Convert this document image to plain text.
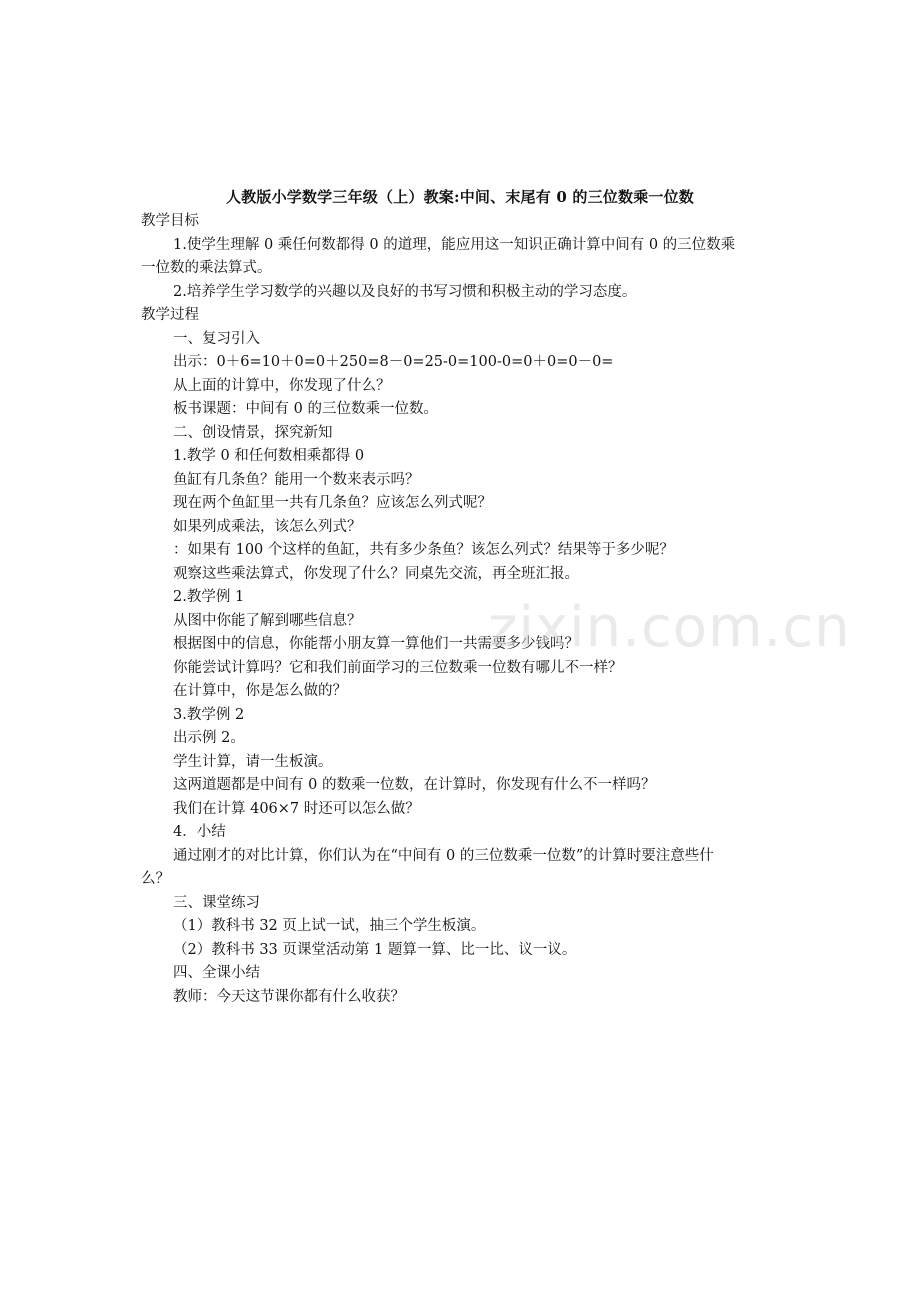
人教版小学数学三年级（上）教案:中间、末尾有 0 的三位数乘一位数
教学目标
1.使学生理解 0 乘任何数都得 0 的道理，能应用这一知识正确计算中间有 0 的三位数乘
一位数的乘法算式。
2.培养学生学习数学的兴趣以及良好的书写习惯和积极主动的学习态度。
教学过程
一、复习引入
出示：0＋6=10＋0=0＋250=8－0=25-0=100-0=0＋0=0－0=
从上面的计算中，你发现了什么？
板书课题：中间有 0 的三位数乘一位数。
二、创设情景，探究新知
1.教学 0 和任何数相乘都得 0
鱼缸有几条鱼？能用一个数来表示吗？
现在两个鱼缸里一共有几条鱼？应该怎么列式呢？
如果列成乘法，该怎么列式？
：如果有 100 个这样的鱼缸，共有多少条鱼？该怎么列式？结果等于多少呢？
观察这些乘法算式，你发现了什么？同桌先交流，再全班汇报。
2.教学例 1
从图中你能了解到哪些信息？
根据图中的信息，你能帮小朋友算一算他们一共需要多少钱吗？
你能尝试计算吗？它和我们前面学习的三位数乘一位数有哪儿不一样？
在计算中，你是怎么做的？
3.教学例 2
出示例 2。
学生计算，请一生板演。
这两道题都是中间有 0 的数乘一位数，在计算时，你发现有什么不一样吗？
我们在计算 406×7 时还可以怎么做？
4．小结
通过刚才的对比计算，你们认为在“中间有 0 的三位数乘一位数”的计算时要注意些什
么？
三、课堂练习
（1）教科书 32 页上试一试，抽三个学生板演。
（2）教科书 33 页课堂活动第 1 题算一算、比一比、议一议。
四、全课小结
教师：今天这节课你都有什么收获？
zixin.com.cn
